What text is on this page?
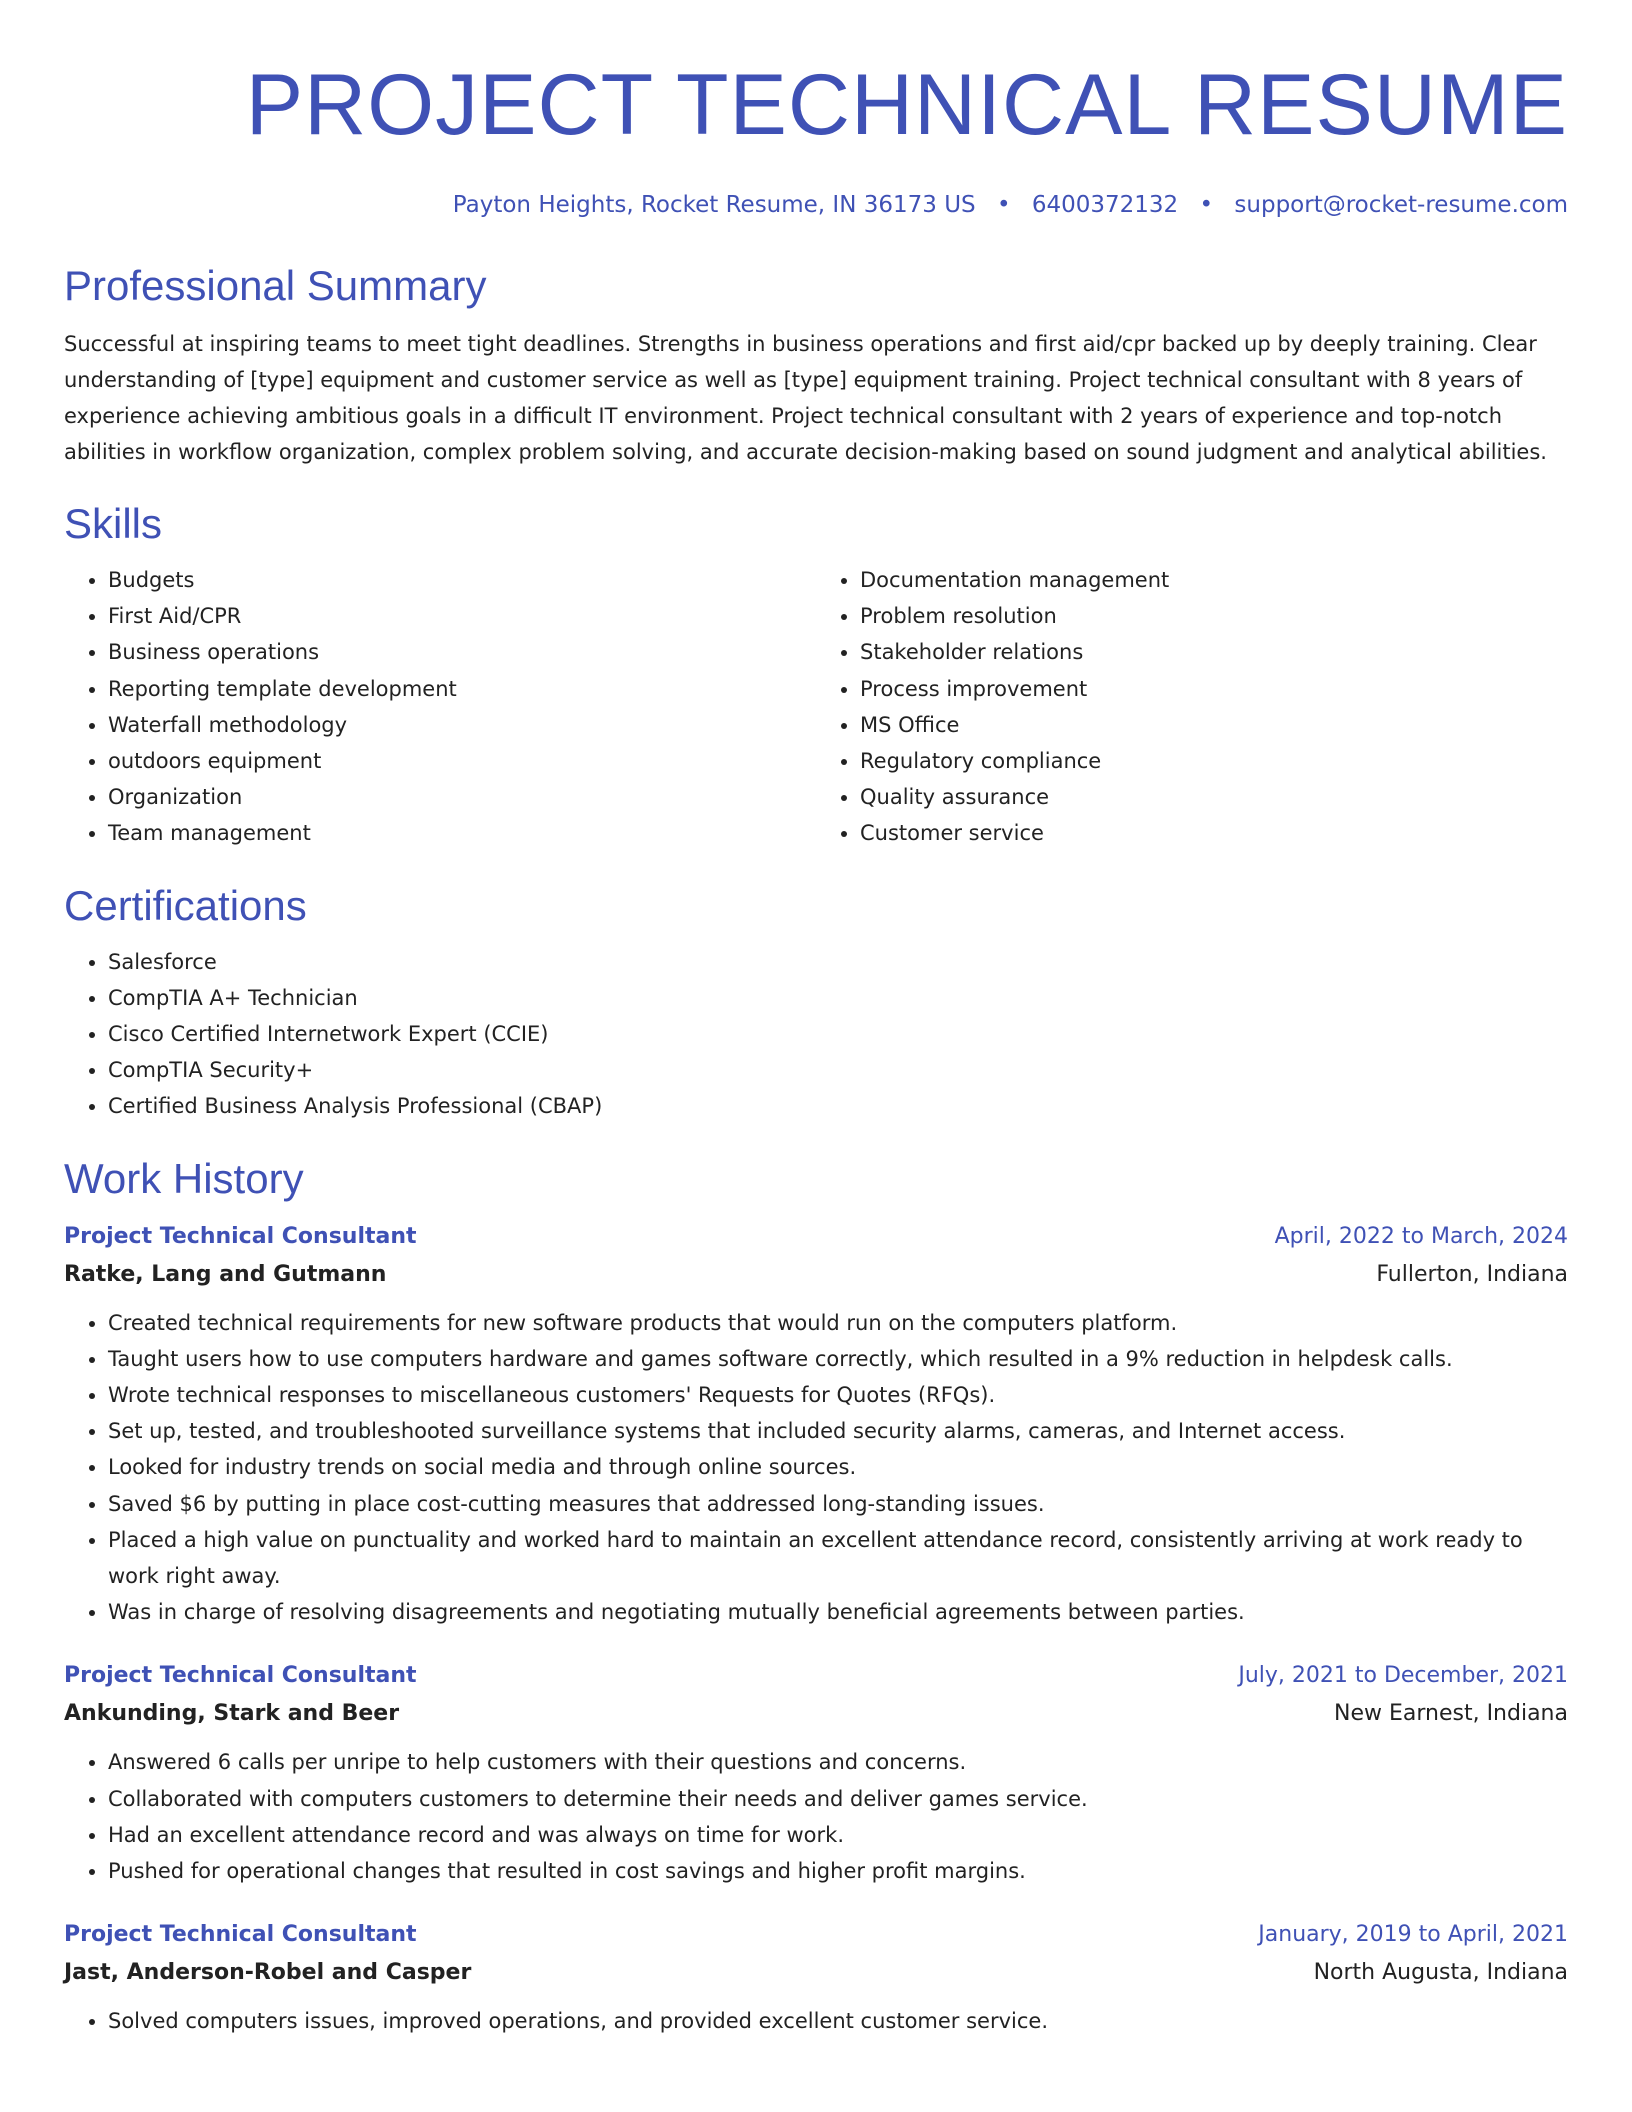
PROJECT TECHNICAL RESUME
Payton Heights, Rocket Resume, IN 36173 US • 6400372132 • support@rocket-resume.com
Professional Summary

Successful at inspiring teams to meet tight deadlines. Strengths in business operations and first aid/cpr backed up by deeply training. Clear understanding of [type] equipment and customer service as well as [type] equipment training. Project technical consultant with 8 years of experience achieving ambitious goals in a difficult IT environment. Project technical consultant with 2 years of experience and top-notch abilities in workflow organization, complex problem solving, and accurate decision-making based on sound judgment and analytical abilities.

Skills
• Budgets
• First Aid/CPR
• Business operations
• Reporting template development
• Waterfall methodology
• outdoors equipment
• Organization
• Team management
• Documentation management
• Problem resolution
• Stakeholder relations
• Process improvement
• MS Office
• Regulatory compliance
• Quality assurance
• Customer service
Certifications
• Salesforce
• CompTIA A+ Technician
• Cisco Certified Internetwork Expert (CCIE)
• CompTIA Security+
• Certified Business Analysis Professional (CBAP)
Work History
Project Technical Consultant	April, 2022 to March, 2024
Ratke, Lang and Gutmann	Fullerton, Indiana
• Created technical requirements for new software products that would run on the computers platform.
• Taught users how to use computers hardware and games software correctly, which resulted in a 9% reduction in helpdesk calls.
• Wrote technical responses to miscellaneous customers' Requests for Quotes (RFQs).
• Set up, tested, and troubleshooted surveillance systems that included security alarms, cameras, and Internet access.
• Looked for industry trends on social media and through online sources.
• Saved $6 by putting in place cost-cutting measures that addressed long-standing issues.
• Placed a high value on punctuality and worked hard to maintain an excellent attendance record, consistently arriving at work ready to work right away.
• Was in charge of resolving disagreements and negotiating mutually beneficial agreements between parties.
Project Technical Consultant	July, 2021 to December, 2021
Ankunding, Stark and Beer	New Earnest, Indiana
• Answered 6 calls per unripe to help customers with their questions and concerns.
• Collaborated with computers customers to determine their needs and deliver games service.
• Had an excellent attendance record and was always on time for work.
• Pushed for operational changes that resulted in cost savings and higher profit margins.
Project Technical Consultant	January, 2019 to April, 2021
Jast, Anderson-Robel and Casper	North Augusta, Indiana
• Solved computers issues, improved operations, and provided excellent customer service.
